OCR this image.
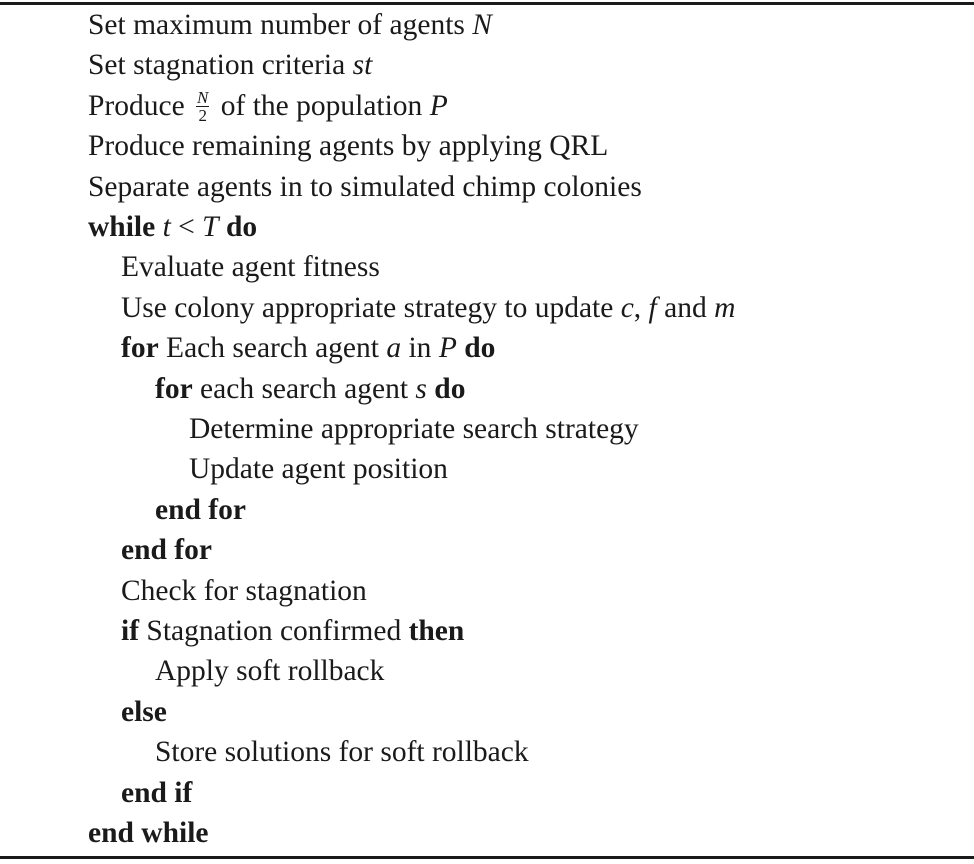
Set maximum number of agents N
Set stagnation criteria st
Produce $\frac{N}{2}$ of the population P
Produce remaining agents by applying QRL
Separate agents in to simulated chimp colonies
while t < T do
Evaluate agent fitness
Use colony appropriate strategy to update c, f and m
for Each search agent a in P do
for each search agent s do
Determine appropriate search strategy
Update agent position
end for
end for
Check for stagnation
if Stagnation confirmed then
Apply soft rollback
else
Store solutions for soft rollback
end if
end while
